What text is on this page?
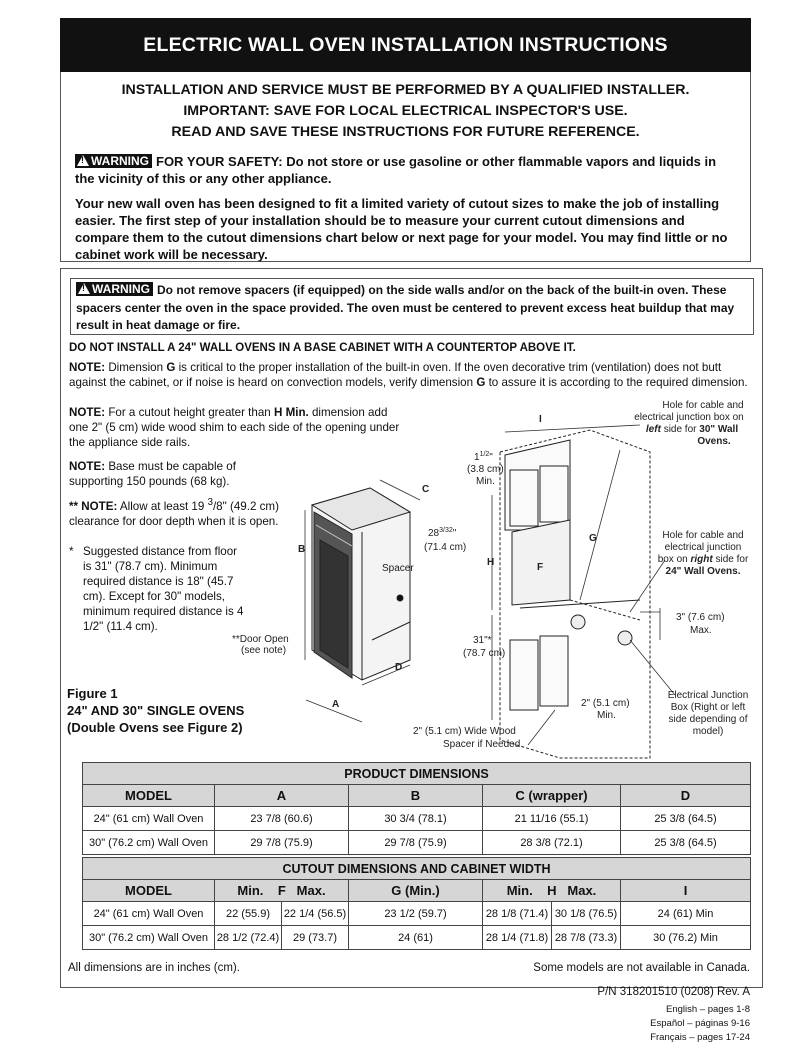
ELECTRIC WALL OVEN INSTALLATION INSTRUCTIONS
INSTALLATION AND SERVICE MUST BE PERFORMED BY A QUALIFIED INSTALLER.
IMPORTANT: SAVE FOR LOCAL ELECTRICAL INSPECTOR'S USE.
READ AND SAVE THESE INSTRUCTIONS FOR FUTURE REFERENCE.
!WARNING FOR YOUR SAFETY: Do not store or use gasoline or other flammable vapors and liquids in the vicinity of this or any other appliance.
Your new wall oven has been designed to fit a limited variety of cutout sizes to make the job of installing easier. The first step of your installation should be to measure your current cutout dimensions and compare them to the cutout dimensions chart below or next page for your model. You may find little or no cabinet work will be necessary.
!WARNING Do not remove spacers (if equipped) on the side walls and/or on the back of the built-in oven. These spacers center the oven in the space provided. The oven must be centered to prevent excess heat buildup that may result in heat damage or fire.
DO NOT INSTALL A 24" WALL OVENS IN A BASE CABINET WITH A COUNTERTOP ABOVE IT.
NOTE: Dimension G is critical to the proper installation of the built-in oven. If the oven decorative trim (ventilation) does not butt against the cabinet, or if noise is heard on convection models, verify dimension G to assure it is according to the required dimension.
NOTE: For a cutout height greater than H Min. dimension add one 2" (5 cm) wide wood shim to each side of the opening under the appliance side rails.
NOTE: Base must be capable of supporting 150 pounds (68 kg).
** NOTE: Allow at least 19 $^3$/8" (49.2 cm) clearance for door depth when it is open.
* Suggested distance from floor is 31" (78.7 cm). Minimum required distance is 18" (45.7 cm). Except for 30" models, minimum required distance is 4 1/2" (11.4 cm).
Figure 1
24" AND 30" SINGLE OVENS
(Double Ovens see Figure 2)
B
C
D
A
Spacer
$28^{3/32}$"
(71.4 cm)
**Door Open
(see note)
$1^{1/2}$"
(3.8 cm)
Min.
I
H	F
G
31"*
(78.7 cm)
2" (5.1 cm)
Min.
2" (5.1 cm) Wide Wood
Spacer if Needed
Hole for cable and
electrical junction box on
left side for 30" Wall
Ovens.
Hole for cable and
electrical junction
box on right side for
24" Wall Ovens.
3" (7.6 cm)
Max.
Electrical Junction
Box (Right or left
side depending of
model)
PRODUCT DIMENSIONS				
MODEL	A	B	C (wrapper)	D
24" (61 cm) Wall Oven	23 7/8 (60.6)	30 3/4 (78.1)	21 11/16 (55.1)	25 3/8 (64.5)
30" (76.2 cm) Wall Oven	29 7/8 (75.9)	29 7/8 (75.9)	28 3/8 (72.1)	25 3/8 (64.5)
CUTOUT DIMENSIONS AND CABINET WIDTH						
MODEL	Min. F Max.		G (Min.)	Min. H Max.		I
24" (61 cm) Wall Oven	22 (55.9)	22 1/4 (56.5)	23 1/2 (59.7)	28 1/8 (71.4)	30 1/8 (76.5)	24 (61) Min
30" (76.2 cm) Wall Oven	28 1/2 (72.4)	29 (73.7)	24 (61)	28 1/4 (71.8)	28 7/8 (73.3)	30 (76.2) Min
All dimensions are in inches (cm).	Some models are not available in Canada.
P/N 318201510 (0208) Rev. A
English – pages 1-8
Español – páginas 9-16
Français – pages 17-24
